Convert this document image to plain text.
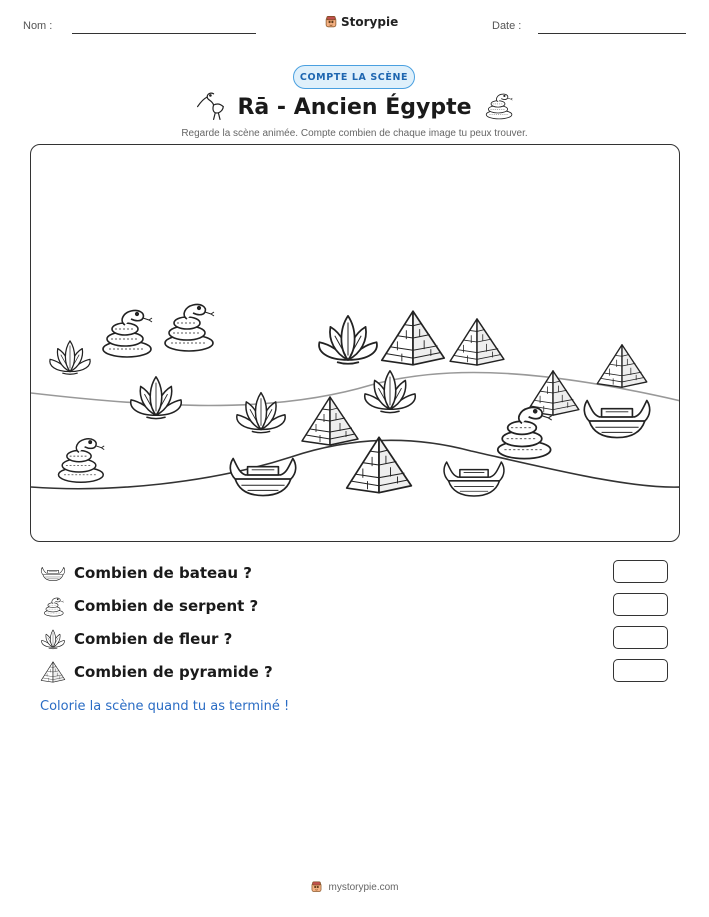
Nom :	Storypie	Date :
COMPTE LA SCÈNE
Rā - Ancien Égypte
Regarde la scène animée. Compte combien de chaque image tu peux trouver.
Combien de bateau ?
Combien de serpent ?
Combien de fleur ?
Combien de pyramide ?
Colorie la scène quand tu as terminé !
mystorypie.com
